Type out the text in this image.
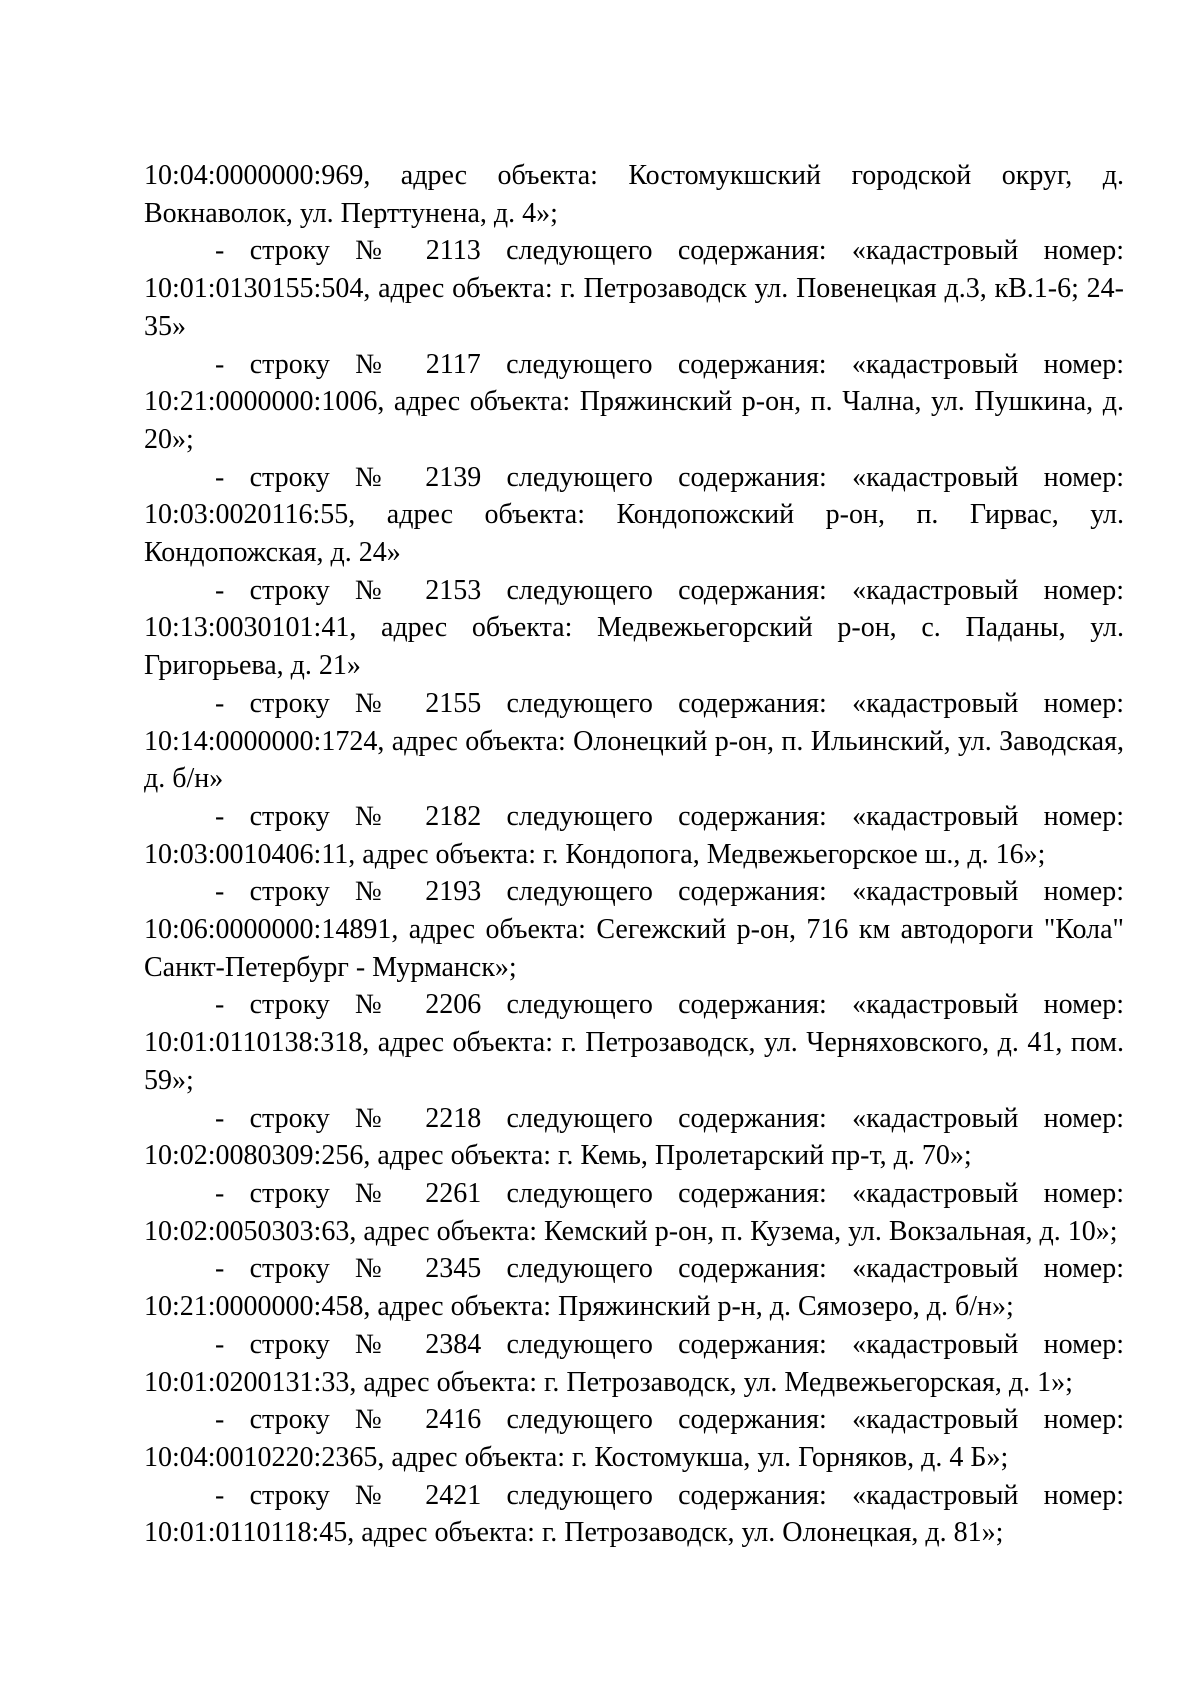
10:04:0000000:969, адрес объекта: Костомукшский городской округ, д. Вокнаволок, ул. Перттунена, д. 4»;

- строку № 2113 следующего содержания: «кадастровый номер: 10:01:0130155:504, адрес объекта: г. Петрозаводск ул. Повенецкая д.3, кВ.1-6; 24-35»

- строку № 2117 следующего содержания: «кадастровый номер: 10:21:0000000:1006, адрес объекта: Пряжинский р-он, п. Чална, ул. Пушкина, д. 20»;

- строку № 2139 следующего содержания: «кадастровый номер: 10:03:0020116:55, адрес объекта: Кондопожский р-он, п. Гирвас, ул. Кондопожская, д. 24»

- строку № 2153 следующего содержания: «кадастровый номер: 10:13:0030101:41, адрес объекта: Медвежьегорский р-он, с. Паданы, ул. Григорьева, д. 21»

- строку № 2155 следующего содержания: «кадастровый номер: 10:14:0000000:1724, адрес объекта: Олонецкий р-он, п. Ильинский, ул. Заводская, д. б/н»

- строку № 2182 следующего содержания: «кадастровый номер: 10:03:0010406:11, адрес объекта: г. Кондопога, Медвежьегорское ш., д. 16»;

- строку № 2193 следующего содержания: «кадастровый номер: 10:06:0000000:14891, адрес объекта: Сегежский р-он, 716 км автодороги "Кола" Санкт-Петербург - Мурманск»;

- строку № 2206 следующего содержания: «кадастровый номер: 10:01:0110138:318, адрес объекта: г. Петрозаводск, ул. Черняховского, д. 41, пом. 59»;

- строку № 2218 следующего содержания: «кадастровый номер: 10:02:0080309:256, адрес объекта: г. Кемь, Пролетарский пр-т, д. 70»;

- строку № 2261 следующего содержания: «кадастровый номер: 10:02:0050303:63, адрес объекта: Кемский р-он, п. Кузема, ул. Вокзальная, д. 10»;

- строку № 2345 следующего содержания: «кадастровый номер: 10:21:0000000:458, адрес объекта: Пряжинский р-н, д. Сямозеро, д. б/н»;

- строку № 2384 следующего содержания: «кадастровый номер: 10:01:0200131:33, адрес объекта: г. Петрозаводск, ул. Медвежьегорская, д. 1»;

- строку № 2416 следующего содержания: «кадастровый номер: 10:04:0010220:2365, адрес объекта: г. Костомукша, ул. Горняков, д. 4 Б»;

- строку № 2421 следующего содержания: «кадастровый номер: 10:01:0110118:45, адрес объекта: г. Петрозаводск, ул. Олонецкая, д. 81»;
